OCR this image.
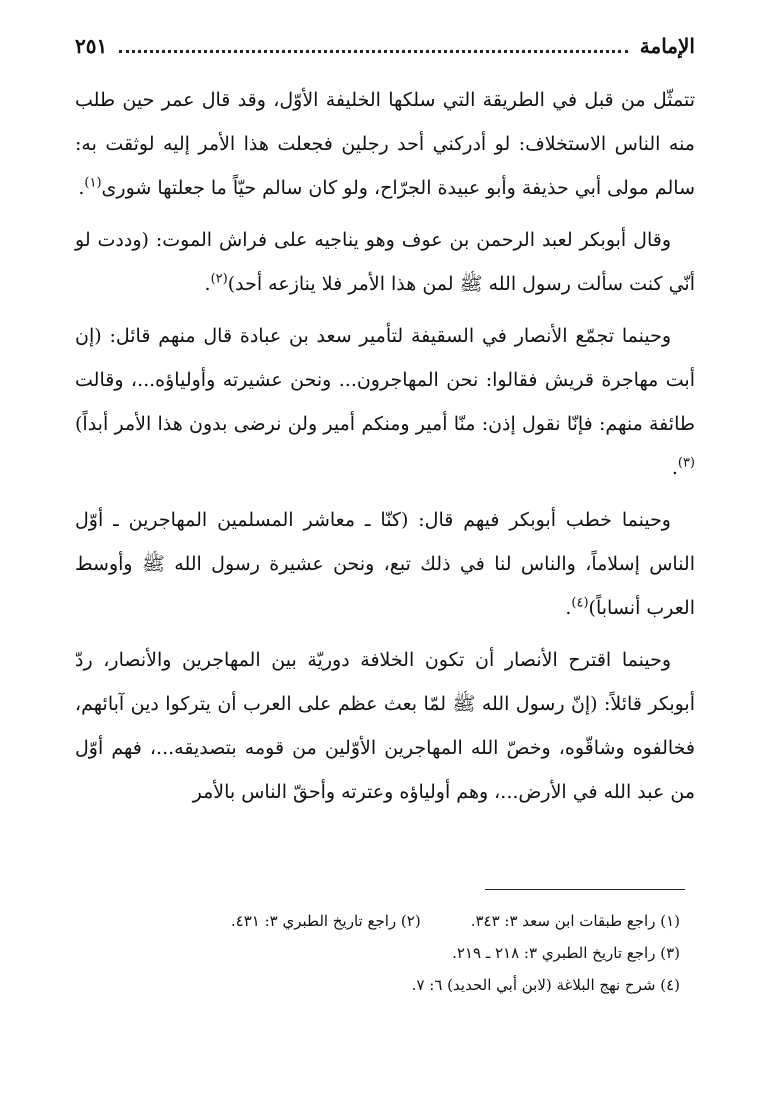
الإمامة
٢٥١

تتمثّل من قبل في الطريقة التي سلكها الخليفة الأوّل، وقد قال عمر حين طلب منه الناس الاستخلاف: لو أدركني أحد رجلين فجعلت هذا الأمر إليه لوثقت به: سالم مولى أبي حذيفة وأبو عبيدة الجرّاح، ولو كان سالم حيّاً ما جعلتها شورى$^{(١)}$.

وقال أبوبكر لعبد الرحمن بن عوف وهو يناجيه على فراش الموت: (وددت لو أنّي كنت سألت رسول الله ﷺ لمن هذا الأمر فلا ينازعه أحد)$^{(٢)}$.

وحينما تجمّع الأنصار في السقيفة لتأمير سعد بن عبادة قال منهم قائل: (إن أبت مهاجرة قريش فقالوا: نحن المهاجرون... ونحن عشيرته وأولياؤه...، وقالت طائفة منهم: فإنّا نقول إذن: منّا أمير ومنكم أمير ولن نرضى بدون هذا الأمر أبداً)$^{(٣)}$.

وحينما خطب أبوبكر فيهم قال: (كنّا ـ معاشر المسلمين المهاجرين ـ أوّل الناس إسلاماً، والناس لنا في ذلك تبع، ونحن عشيرة رسول الله ﷺ وأوسط العرب أنساباً)$^{(٤)}$.

وحينما اقترح الأنصار أن تكون الخلافة دوريّة بين المهاجرين والأنصار، ردّ أبوبكر قائلاً: (إنّ رسول الله ﷺ لمّا بعث عظم على العرب أن يتركوا دين آبائهم، فخالفوه وشاقّوه، وخصّ الله المهاجرين الأوّلين من قومه بتصديقه...، فهم أوّل من عبد الله في الأرض...، وهم أولياؤه وعترته وأحقّ الناس بالأمر

(١) راجع طبقات ابن سعد ٣: ٣٤٣.
(٢) راجع تاريخ الطبري ٣: ٤٣١.
(٣) راجع تاريخ الطبري ٣: ٢١٨ ـ ٢١٩.
(٤) شرح نهج البلاغة (لابن أبي الحديد) ٦: ٧.
